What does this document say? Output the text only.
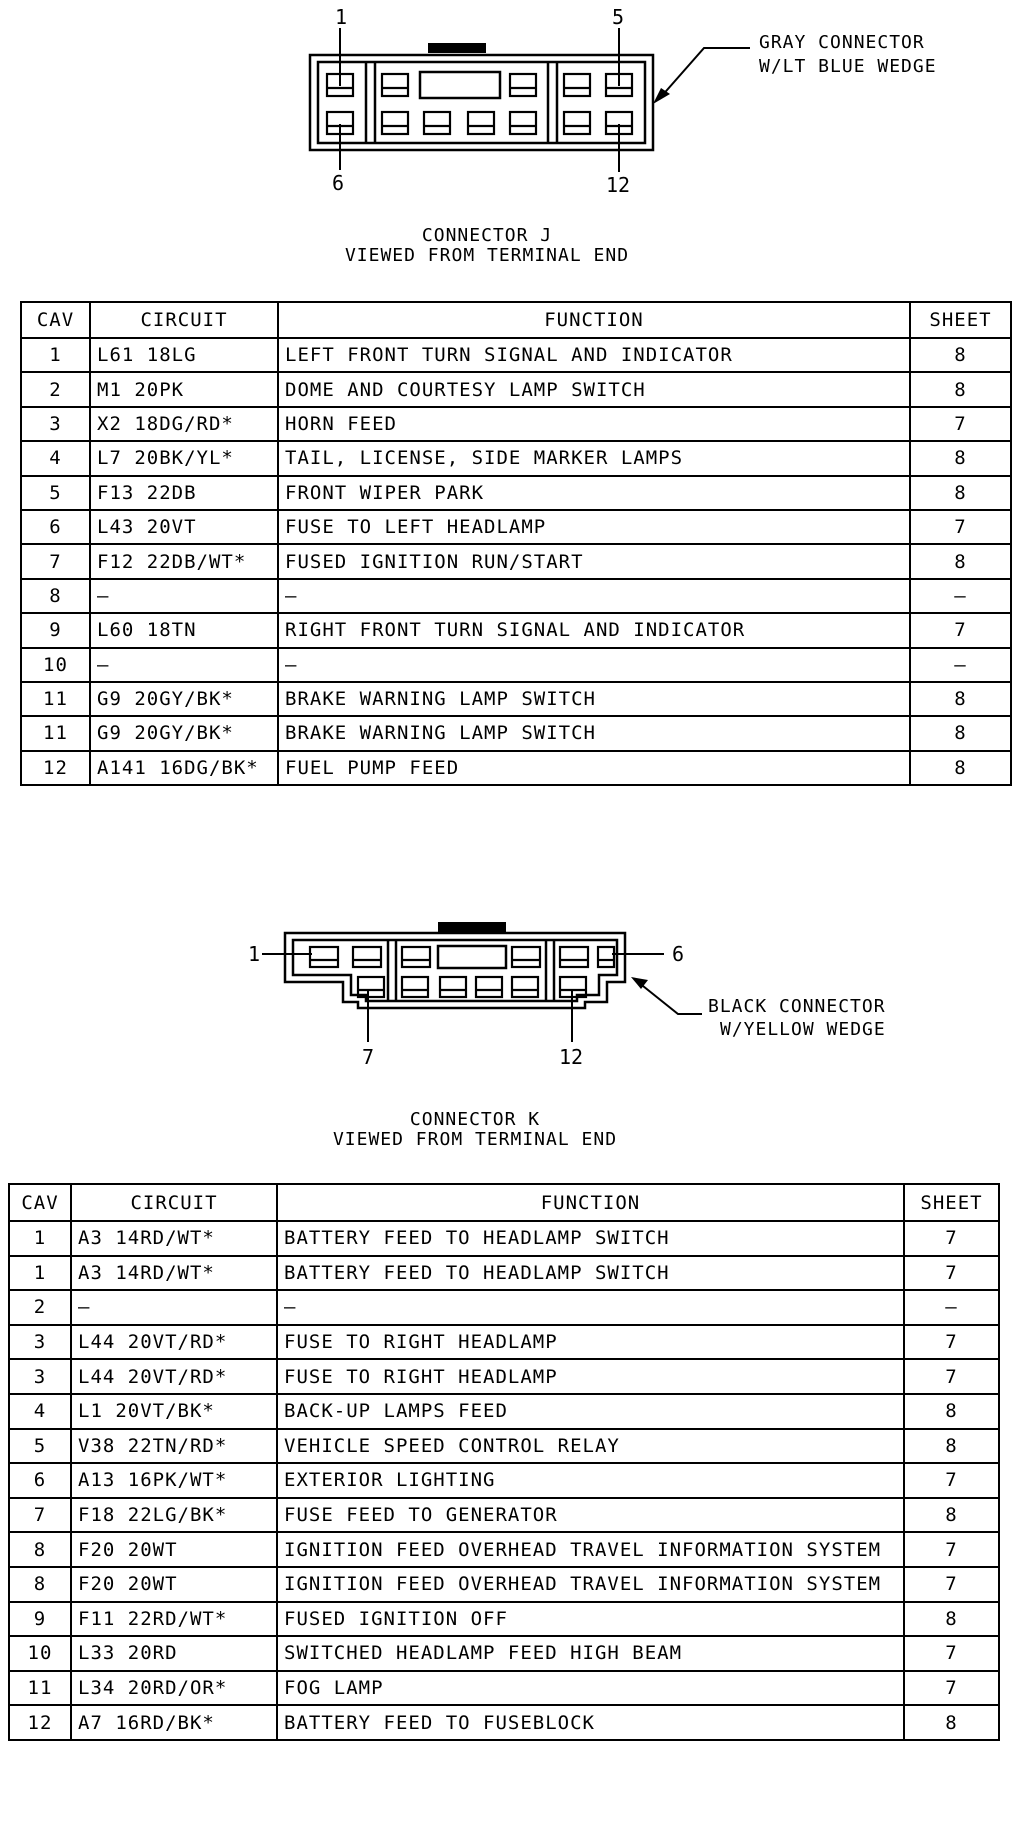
1	5
6	12
GRAY CONNECTOR
W/LT BLUE WEDGE
CONNECTOR J
VIEWED FROM TERMINAL END
CAV	CIRCUIT	FUNCTION	SHEET
1	L61 18LG	LEFT FRONT TURN SIGNAL AND INDICATOR	8
2	M1 20PK	DOME AND COURTESY LAMP SWITCH	8
3	X2 18DG/RD*	HORN FEED	7
4	L7 20BK/YL*	TAIL, LICENSE, SIDE MARKER LAMPS	8
5	F13 22DB	FRONT WIPER PARK	8
6	L43 20VT	FUSE TO LEFT HEADLAMP	7
7	F12 22DB/WT*	FUSED IGNITION RUN/START	8
8	—	—	—
9	L60 18TN	RIGHT FRONT TURN SIGNAL AND INDICATOR	7
10	—	—	—
11	G9 20GY/BK*	BRAKE WARNING LAMP SWITCH	8
11	G9 20GY/BK*	BRAKE WARNING LAMP SWITCH	8
12	A141 16DG/BK*	FUEL PUMP FEED	8
1	6
7	12
BLACK CONNECTOR
W/YELLOW WEDGE
CONNECTOR K
VIEWED FROM TERMINAL END
CAV	CIRCUIT	FUNCTION	SHEET
1	A3 14RD/WT*	BATTERY FEED TO HEADLAMP SWITCH	7
1	A3 14RD/WT*	BATTERY FEED TO HEADLAMP SWITCH	7
2	—	—	—
3	L44 20VT/RD*	FUSE TO RIGHT HEADLAMP	7
3	L44 20VT/RD*	FUSE TO RIGHT HEADLAMP	7
4	L1 20VT/BK*	BACK-UP LAMPS FEED	8
5	V38 22TN/RD*	VEHICLE SPEED CONTROL RELAY	8
6	A13 16PK/WT*	EXTERIOR LIGHTING	7
7	F18 22LG/BK*	FUSE FEED TO GENERATOR	8
8	F20 20WT	IGNITION FEED OVERHEAD TRAVEL INFORMATION SYSTEM	7
8	F20 20WT	IGNITION FEED OVERHEAD TRAVEL INFORMATION SYSTEM	7
9	F11 22RD/WT*	FUSED IGNITION OFF	8
10	L33 20RD	SWITCHED HEADLAMP FEED HIGH BEAM	7
11	L34 20RD/OR*	FOG LAMP	7
12	A7 16RD/BK*	BATTERY FEED TO FUSEBLOCK	8
